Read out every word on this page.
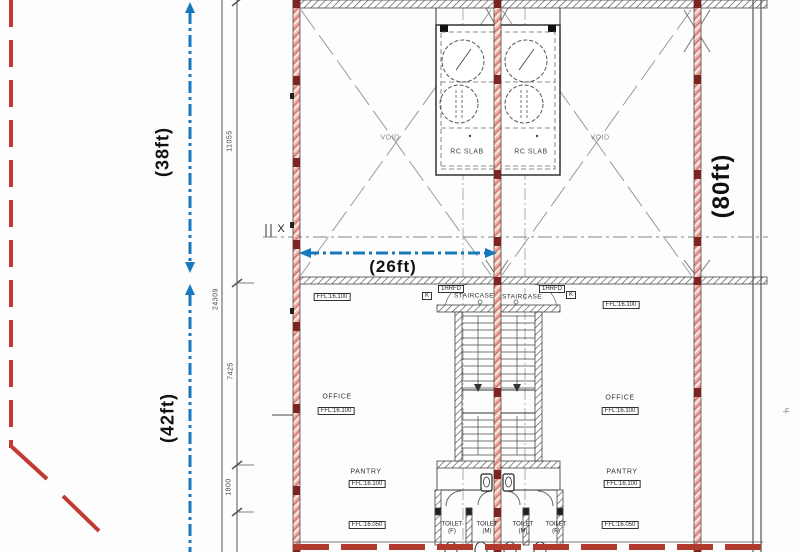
(38ft)
(42ft)
(26ft)
(80ft)
11055
24309
7425
1800
X
-F
VOID	VOID
RC SLAB	RC SLAB
STAIRCASE STAIRCASE
1HRFD	1HRFD
K	K
FFL:16.100
FFL:16.100
OFFICE	OFFICE
FFL:16.100	FFL:16.100
PANTRY	PANTRY
FFL:16.100	FFL:16.100
FFL:16.050	FFL:16.050
TOILET
(F)
TOILET
(M)
TOILET
(M)
TOILET
(F)
